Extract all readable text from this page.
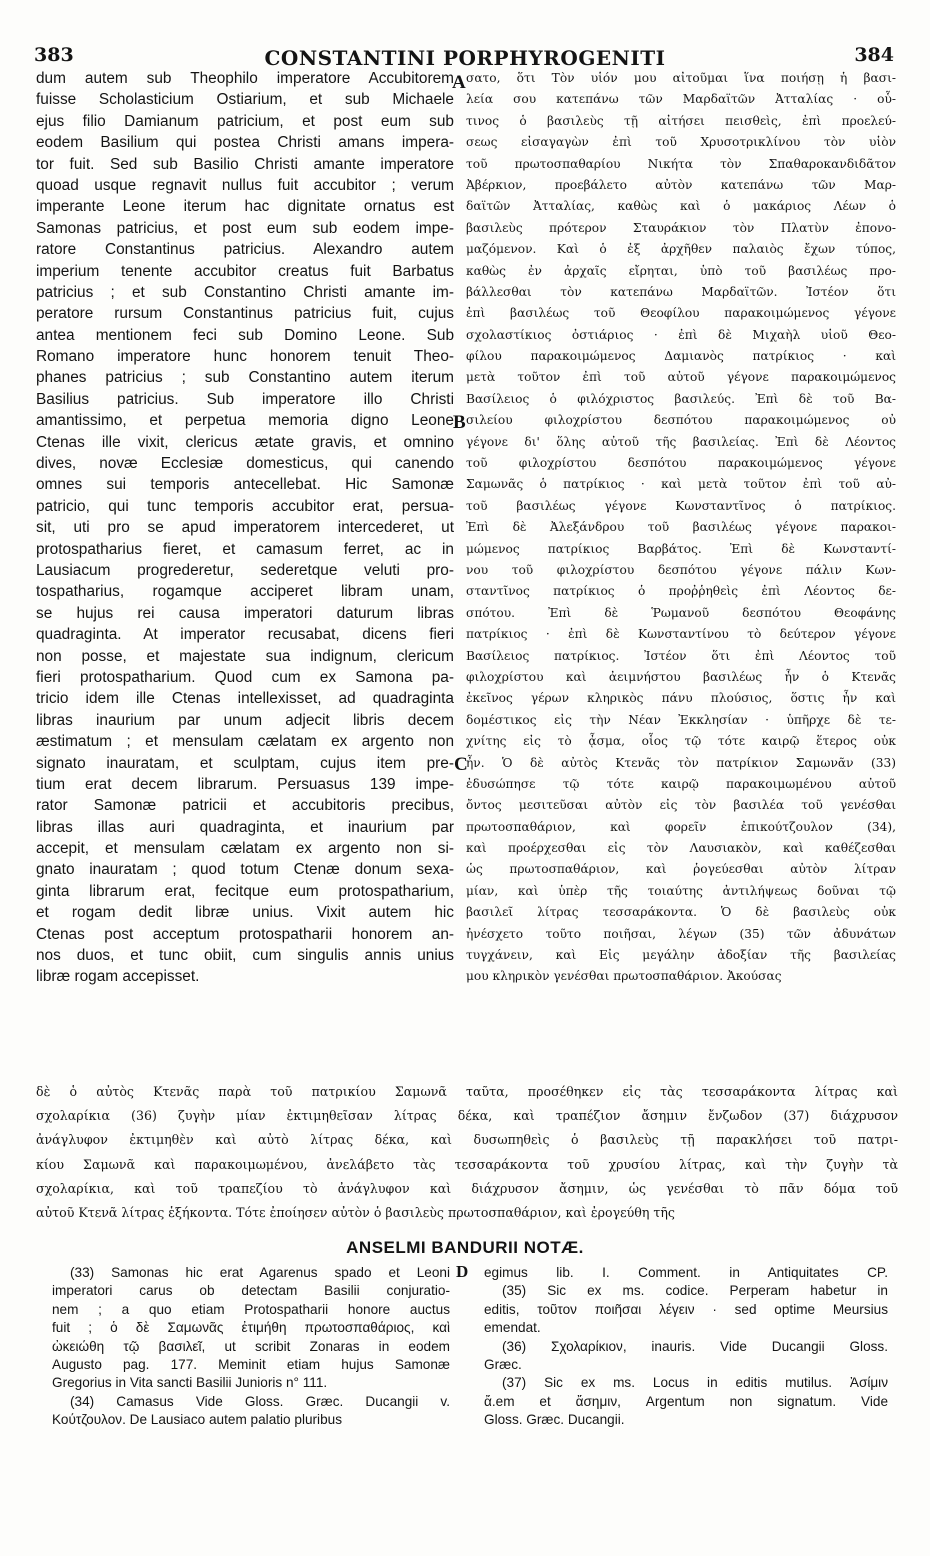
383	CONSTANTINI PORPHYROGENITI	384
dum autem sub Theophilo imperatore Accubitorem
fuisse Scholasticium Ostiarium, et sub Michaele
ejus filio Damianum patricium, et post eum sub
eodem Basilium qui postea Christi amans impera-
tor fuit. Sed sub Basilio Christi amante imperatore
quoad usque regnavit nullus fuit accubitor ; verum
imperante Leone iterum hac dignitate ornatus est
Samonas patricius, et post eum sub eodem impe-
ratore Constantinus patricius. Alexandro autem
imperium tenente accubitor creatus fuit Barbatus
patricius ; et sub Constantino Christi amante im-
peratore rursum Constantinus patricius fuit, cujus
antea mentionem feci sub Domino Leone. Sub
Romano imperatore hunc honorem tenuit Theo-
phanes patricius ; sub Constantino autem iterum
Basilius patricius. Sub imperatore illo Christi
amantissimo, et perpetua memoria digno Leone
Ctenas ille vixit, clericus ætate gravis, et omnino
dives, novæ Ecclesiæ domesticus, qui canendo
omnes sui temporis antecellebat. Hic Samonæ
patricio, qui tunc temporis accubitor erat, persua-
sit, uti pro se apud imperatorem intercederet, ut
protospatharius fieret, et camasum ferret, ac in
Lausiacum progrederetur, sederetque veluti pro-
tospatharius, rogamque acciperet libram unam,
se hujus rei causa imperatori daturum libras
quadraginta. At imperator recusabat, dicens fieri
non posse, et majestate sua indignum, clericum
fieri protospatharium. Quod cum ex Samona pa-
tricio idem ille Ctenas intellexisset, ad quadraginta
libras inaurium par unum adjecit libris decem
æstimatum ; et mensulam cælatam ex argento non
signato inauratam, et sculptam, cujus item pre-
tium erat decem librarum. Persuasus 139 impe-
rator Samonæ patricii et accubitoris precibus,
libras illas auri quadraginta, et inaurium par
accepit, et mensulam cælatam ex argento non si-
gnato inauratam ; quod totum Ctenæ donum sexa-
ginta librarum erat, fecitque eum protospatharium,
et rogam dedit libræ unius. Vixit autem hic
Ctenas post acceptum protospatharii honorem an-
nos duos, et tunc obiit, cum singulis annis unius
libræ rogam accepisset.
σατο, ὅτι Τὸν υἱόν μου αἰτοῦμαι ἵνα ποιήσῃ ἡ βασι-
λεία σου κατεπάνω τῶν Μαρδαϊτῶν Ἀτταλίας · οὗ-
τινος ὁ βασιλεὺς τῇ αἰτήσει πεισθεὶς, ἐπὶ προελεύ-
σεως εἰσαγαγὼν ἐπὶ τοῦ Χρυσοτρικλίνου τὸν υἱὸν
τοῦ πρωτοσπαθαρίου Νικήτα τὸν Σπαθαροκανδιδᾶτον
Ἀβέρκιον, προεβάλετο αὐτὸν κατεπάνω τῶν Μαρ-
δαϊτῶν Ἀτταλίας, καθὼς καὶ ὁ μακάριος Λέων ὁ
βασιλεὺς πρότερον Σταυράκιον τὸν Πλατὺν ἐπονο-
μαζόμενον. Καὶ ὁ ἐξ ἀρχῆθεν παλαιὸς ἔχων τύπος,
καθὼς ἐν ἀρχαῖς εἴρηται, ὑπὸ τοῦ βασιλέως προ-
βάλλεσθαι τὸν κατεπάνω Μαρδαϊτῶν. Ἰστέον ὅτι
ἐπὶ βασιλέως τοῦ Θεοφίλου παρακοιμώμενος γέγονε
σχολαστίκιος ὀστιάριος · ἐπὶ δὲ Μιχαὴλ υἱοῦ Θεο-
φίλου παρακοιμώμενος Δαμιανὸς πατρίκιος · καὶ
μετὰ τοῦτον ἐπὶ τοῦ αὐτοῦ γέγονε παρακοιμώμενος
Βασίλειος ὁ φιλόχριστος βασιλεύς. Ἐπὶ δὲ τοῦ Βα-
σιλείου φιλοχρίστου δεσπότου παρακοιμώμενος οὐ
γέγονε δι' ὅλης αὐτοῦ τῆς βασιλείας. Ἐπὶ δὲ Λέοντος
τοῦ φιλοχρίστου δεσπότου παρακοιμώμενος γέγονε
Σαμωνᾶς ὁ πατρίκιος · καὶ μετὰ τοῦτον ἐπὶ τοῦ αὐ-
τοῦ βασιλέως γέγονε Κωνσταντῖνος ὁ πατρίκιος.
Ἐπὶ δὲ Ἀλεξάνδρου τοῦ βασιλέως γέγονε παρακοι-
μώμενος πατρίκιος Βαρβάτος. Ἐπὶ δὲ Κωνσταντί-
νου τοῦ φιλοχρίστου δεσπότου γέγονε πάλιν Κων-
σταντῖνος πατρίκιος ὁ προῤῥηθεὶς ἐπὶ Λέοντος δε-
σπότου. Ἐπὶ δὲ Ῥωμανοῦ δεσπότου Θεοφάνης
πατρίκιος · ἐπὶ δὲ Κωνσταντίνου τὸ δεύτερον γέγονε
Βασίλειος πατρίκιος. Ἰστέον ὅτι ἐπὶ Λέοντος τοῦ
φιλοχρίστου καὶ ἀειμνήστου βασιλέως ἦν ὁ Κτενᾶς
ἐκεῖνος γέρων κληρικὸς πάνυ πλούσιος, ὅστις ἦν καὶ
δομέστικος εἰς τὴν Νέαν Ἐκκλησίαν · ὑπῆρχε δὲ τε-
χνίτης εἰς τὸ ᾆσμα, οἷος τῷ τότε καιρῷ ἕτερος οὐκ
ἦν. Ὁ δὲ αὐτὸς Κτενᾶς τὸν πατρίκιον Σαμωνᾶν (33)
ἐδυσώπησε τῷ τότε καιρῷ παρακοιμωμένου αὐτοῦ
ὄντος μεσιτεῦσαι αὐτὸν εἰς τὸν βασιλέα τοῦ γενέσθαι
πρωτοσπαθάριον, καὶ φορεῖν ἐπικούτζουλον (34),
καὶ προέρχεσθαι εἰς τὸν Λαυσιακὸν, καὶ καθέζεσθαι
ὡς πρωτοσπαθάριον, καὶ ῥογεύεσθαι αὐτὸν λίτραν
μίαν, καὶ ὑπὲρ τῆς τοιαύτης ἀντιλήψεως δοῦναι τῷ
βασιλεῖ λίτρας τεσσαράκοντα. Ὁ δὲ βασιλεὺς οὐκ
ἠνέσχετο τοῦτο ποιῆσαι, λέγων (35) τῶν ἀδυνάτων
τυγχάνειν, καὶ Εἰς μεγάλην ἀδοξίαν τῆς βασιλείας
μου κληρικὸν γενέσθαι πρωτοσπαθάριον. Ἀκούσας
A
B
C
δὲ ὁ αὐτὸς Κτενᾶς παρὰ τοῦ πατρικίου Σαμωνᾶ ταῦτα, προσέθηκεν εἰς τὰς τεσσαράκοντα λίτρας καὶ
σχολαρίκια (36) ζυγὴν μίαν ἐκτιμηθεῖσαν λίτρας δέκα, καὶ τραπέζιον ἄσημιν ἔνζωδον (37) διάχρυσον
ἀνάγλυφον ἐκτιμηθὲν καὶ αὐτὸ λίτρας δέκα, καὶ δυσωπηθεὶς ὁ βασιλεὺς τῇ παρακλήσει τοῦ πατρι-
κίου Σαμωνᾶ καὶ παρακοιμωμένου, ἀνελάβετο τὰς τεσσαράκοντα τοῦ χρυσίου λίτρας, καὶ τὴν ζυγὴν τὰ
σχολαρίκια, καὶ τοῦ τραπεζίου τὸ ἀνάγλυφον καὶ διάχρυσον ἄσημιν, ὡς γενέσθαι τὸ πᾶν δόμα τοῦ
αὐτοῦ Κτενᾶ λίτρας ἑξήκοντα. Τότε ἐποίησεν αὐτὸν ὁ βασιλεὺς πρωτοσπαθάριον, καὶ ἐρογεύθη τῆς
ANSELMI BANDURII NOTÆ.
(33) Samonas hic erat Agarenus spado et Leoni
imperatori carus ob detectam Basilii conjuratio-
nem ; a quo etiam Protospatharii honore auctus
fuit ; ὁ δὲ Σαμωνᾶς ἐτιμήθη πρωτοσπαθάριος, καὶ
ὠκειώθη τῷ βασιλεῖ, ut scribit Zonaras in eodem
Augusto pag. 177. Meminit etiam hujus Samonæ
Gregorius in Vita sancti Basilii Junioris n° 111.
(34) Camasus Vide Gloss. Græc. Ducangii v.
Κούτζουλον. De Lausiaco autem palatio pluribus
D egimus lib. I. Comment. in Antiquitates CP.
(35) Sic ex ms. codice. Perperam habetur in
editis, τοῦτον ποιῆσαι λέγειν · sed optime Meursius
emendat.
(36) Σχολαρίκιον, inauris. Vide Ducangii Gloss.
Græc.
(37) Sic ex ms. Locus in editis mutilus. Ἀσίμιν
ἄ.em et ἄσημιν, Argentum non signatum. Vide
Gloss. Græc. Ducangii.
